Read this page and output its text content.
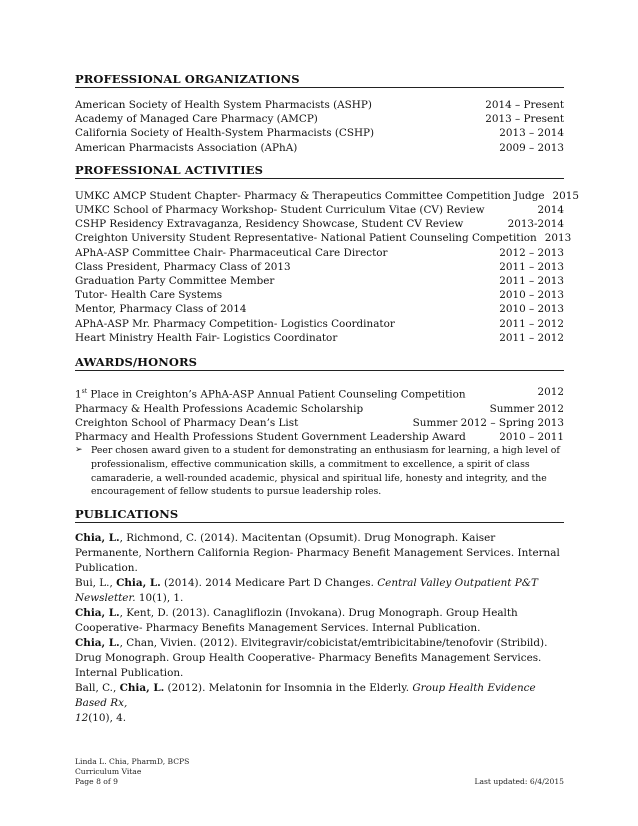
PROFESSIONAL ORGANIZATIONS
American Society of Health System Pharmacists (ASHP)	2014 – Present
Academy of Managed Care Pharmacy (AMCP)	2013 – Present
California Society of Health-System Pharmacists (CSHP)	2013 – 2014
American Pharmacists Association (APhA)	2009 – 2013
PROFESSIONAL ACTIVITIES
UMKC AMCP Student Chapter- Pharmacy & Therapeutics Committee Competition Judge 2015
UMKC School of Pharmacy Workshop- Student Curriculum Vitae (CV) Review	2014
CSHP Residency Extravaganza, Residency Showcase, Student CV Review	2013-2014
Creighton University Student Representative- National Patient Counseling Competition 2013
APhA-ASP Committee Chair- Pharmaceutical Care Director	2012 – 2013
Class President, Pharmacy Class of 2013	2011 – 2013
Graduation Party Committee Member	2011 – 2013
Tutor- Health Care Systems	2010 – 2013
Mentor, Pharmacy Class of 2014	2010 – 2013
APhA-ASP Mr. Pharmacy Competition- Logistics Coordinator	2011 – 2012
Heart Ministry Health Fair- Logistics Coordinator	2011 – 2012
AWARDS/HONORS
1st Place in Creighton’s APhA-ASP Annual Patient Counseling Competition	2012
Pharmacy & Health Professions Academic Scholarship	Summer 2012
Creighton School of Pharmacy Dean’s List	Summer 2012 – Spring 2013
Pharmacy and Health Professions Student Government Leadership Award	2010 – 2011
➢ Peer chosen award given to a student for demonstrating an enthusiasm for learning, a high level of professionalism, effective communication skills, a commitment to excellence, a spirit of class camaraderie, a well-rounded academic, physical and spiritual life, honesty and integrity, and the encouragement of fellow students to pursue leadership roles.
PUBLICATIONS
Chia, L., Richmond, C. (2014). Macitentan (Opsumit). Drug Monograph. Kaiser Permanente, Northern California Region- Pharmacy Benefit Management Services. Internal Publication.
Bui, L., Chia, L. (2014). 2014 Medicare Part D Changes. Central Valley Outpatient P&T Newsletter. 10(1), 1.
Chia, L., Kent, D. (2013). Canagliflozin (Invokana). Drug Monograph. Group Health Cooperative- Pharmacy Benefits Management Services. Internal Publication.
Chia, L., Chan, Vivien. (2012). Elvitegravir/cobicistat/emtribicitabine/tenofovir (Stribild). Drug Monograph. Group Health Cooperative- Pharmacy Benefits Management Services. Internal Publication.
Ball, C., Chia, L. (2012). Melatonin for Insomnia in the Elderly. Group Health Evidence Based Rx,
12(10), 4.
Linda L. Chia, PharmD, BCPS
Curriculum Vitae
Page 8 of 9	Last updated: 6/4/2015
